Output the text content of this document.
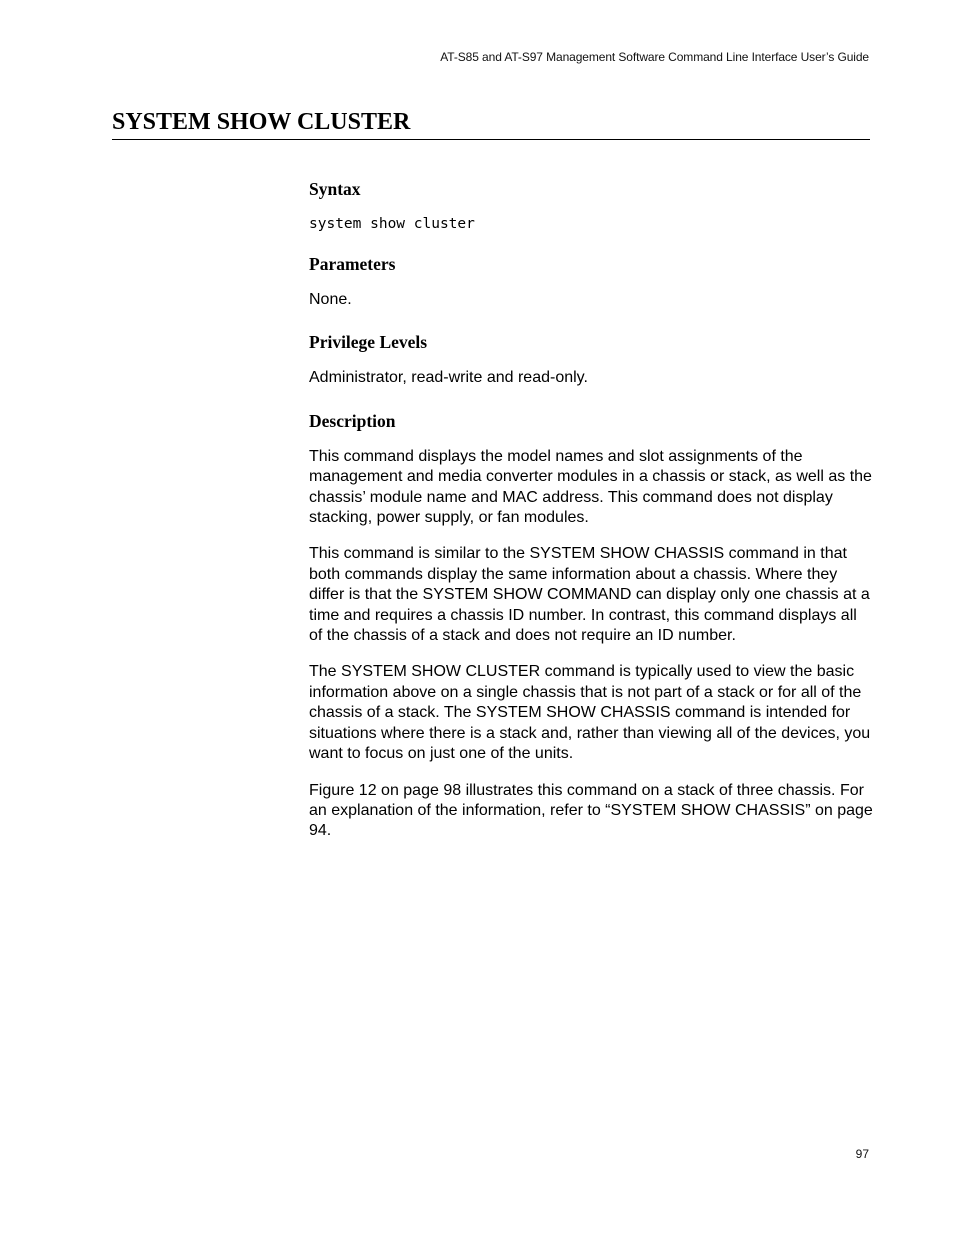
AT-S85 and AT-S97 Management Software Command Line Interface User’s Guide
SYSTEM SHOW CLUSTER
Syntax
system show cluster
Parameters

None.

Privilege Levels

Administrator, read-write and read-only.

Description

This command displays the model names and slot assignments of the management and media converter modules in a chassis or stack, as well as the chassis’ module name and MAC address. This command does not display stacking, power supply, or fan modules.

This command is similar to the SYSTEM SHOW CHASSIS command in that both commands display the same information about a chassis. Where they differ is that the SYSTEM SHOW COMMAND can display only one chassis at a time and requires a chassis ID number. In contrast, this command displays all of the chassis of a stack and does not require an ID number.

The SYSTEM SHOW CLUSTER command is typically used to view the basic information above on a single chassis that is not part of a stack or for all of the chassis of a stack. The SYSTEM SHOW CHASSIS command is intended for situations where there is a stack and, rather than viewing all of the devices, you want to focus on just one of the units.

Figure 12 on page 98 illustrates this command on a stack of three chassis. For an explanation of the information, refer to “SYSTEM SHOW CHASSIS” on page 94.

97
